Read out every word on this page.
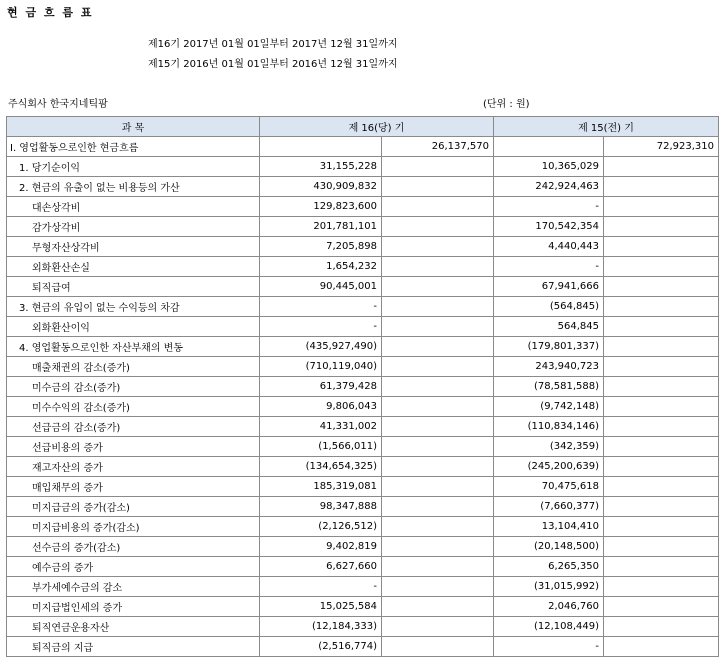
현 금 흐 름 표
제16기 2017년 01월 01일부터 2017년 12월 31일까지
제15기 2016년 01월 01일부터 2016년 12월 31일까지
주식회사 한국지네틱팜	(단위 : 원)
과 목	제 16(당) 기		제 15(전) 기	
Ⅰ. 영업활동으로인한 현금흐름		26,137,570		72,923,310
1. 당기순이익	31,155,228		10,365,029	
2. 현금의 유출이 없는 비용등의 가산	430,909,832		242,924,463	
대손상각비	129,823,600		-	
감가상각비	201,781,101		170,542,354	
무형자산상각비	7,205,898		4,440,443	
외화환산손실	1,654,232		-	
퇴직급여	90,445,001		67,941,666	
3. 현금의 유입이 없는 수익등의 차감	-		(564,845)	
외화환산이익	-		564,845	
4. 영업활동으로인한 자산부채의 변동	(435,927,490)		(179,801,337)	
매출채권의 감소(증가)	(710,119,040)		243,940,723	
미수금의 감소(증가)	61,379,428		(78,581,588)	
미수수익의 감소(증가)	9,806,043		(9,742,148)	
선급금의 감소(증가)	41,331,002		(110,834,146)	
선급비용의 증가	(1,566,011)		(342,359)	
재고자산의 증가	(134,654,325)		(245,200,639)	
매입채무의 증가	185,319,081		70,475,618	
미지급금의 증가(감소)	98,347,888		(7,660,377)	
미지급비용의 증가(감소)	(2,126,512)		13,104,410	
선수금의 증가(감소)	9,402,819		(20,148,500)	
예수금의 증가	6,627,660		6,265,350	
부가세예수금의 감소	-		(31,015,992)	
미지급법인세의 증가	15,025,584		2,046,760	
퇴직연금운용자산	(12,184,333)		(12,108,449)	
퇴직금의 지급	(2,516,774)		-	
